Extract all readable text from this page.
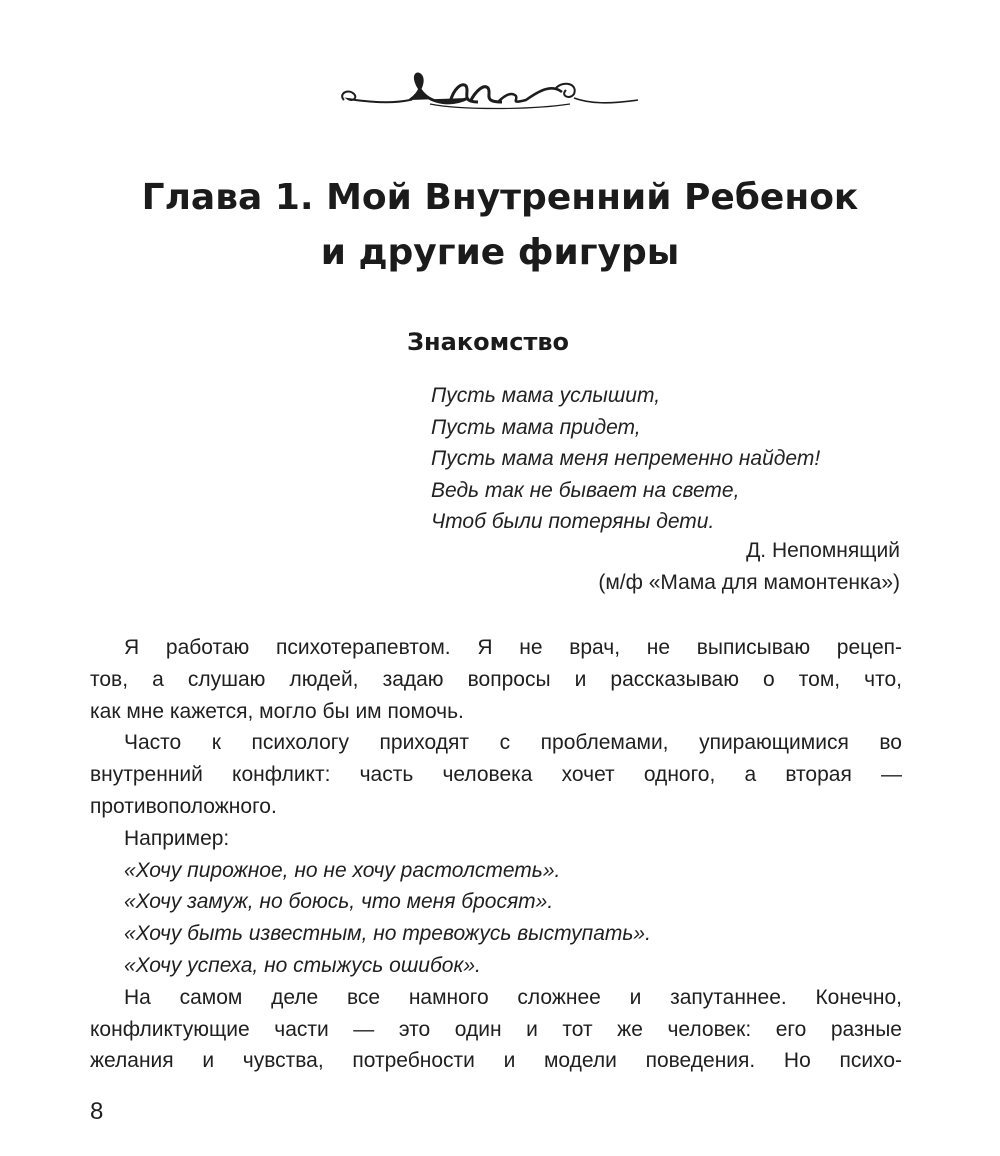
Глава 1. Мой Внутренний Ребенок
и другие фигуры
Знакомство
Пусть мама услышит,
Пусть мама придет,
Пусть мама меня непременно найдет!
Ведь так не бывает на свете,
Чтоб были потеряны дети.
Д. Непомнящий
(м/ф «Мама для мамонтенка»)
Я работаю психотерапевтом. Я не врач, не выписываю рецеп-
тов, а слушаю людей, задаю вопросы и рассказываю о том, что,
как мне кажется, могло бы им помочь.
Часто к психологу приходят с проблемами, упирающимися во
внутренний конфликт: часть человека хочет одного, а вторая —
противоположного.
Например:
«Хочу пирожное, но не хочу растолстеть».
«Хочу замуж, но боюсь, что меня бросят».
«Хочу быть известным, но тревожусь выступать».
«Хочу успеха, но стыжусь ошибок».
На самом деле все намного сложнее и запутаннее. Конечно,
конфликтующие части — это один и тот же человек: его разные
желания и чувства, потребности и модели поведения. Но психо-
8
